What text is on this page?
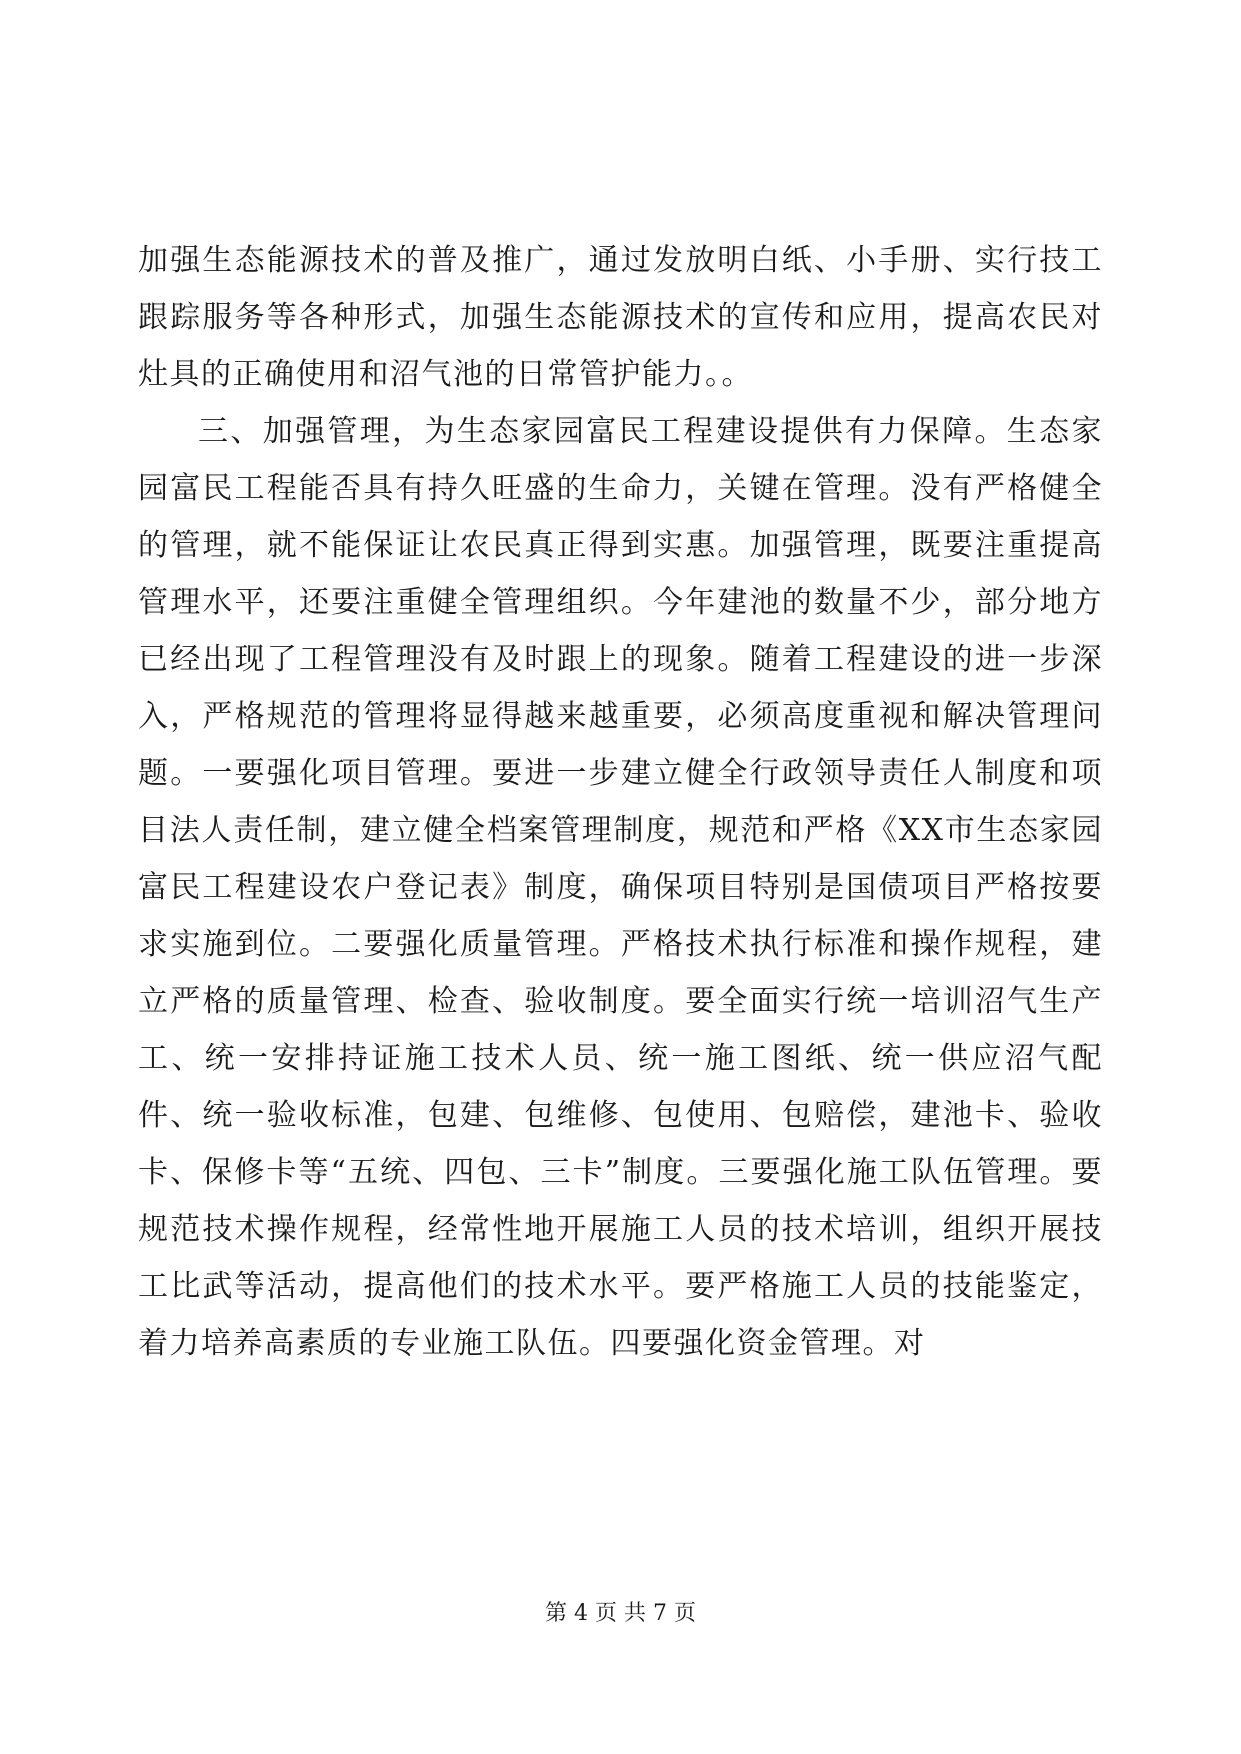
加强生态能源技术的普及推广，通过发放明白纸、小手册、实行技工跟踪服务等各种形式，加强生态能源技术的宣传和应用，提高农民对灶具的正确使用和沼气池的日常管护能力。。

三、加强管理，为生态家园富民工程建设提供有力保障。生态家园富民工程能否具有持久旺盛的生命力，关键在管理。没有严格健全的管理，就不能保证让农民真正得到实惠。加强管理，既要注重提高管理水平，还要注重健全管理组织。今年建池的数量不少，部分地方已经出现了工程管理没有及时跟上的现象。随着工程建设的进一步深入，严格规范的管理将显得越来越重要，必须高度重视和解决管理问题。一要强化项目管理。要进一步建立健全行政领导责任人制度和项目法人责任制，建立健全档案管理制度，规范和严格《XX市生态家园富民工程建设农户登记表》制度，确保项目特别是国债项目严格按要求实施到位。二要强化质量管理。严格技术执行标准和操作规程，建立严格的质量管理、检查、验收制度。要全面实行统一培训沼气生产工、统一安排持证施工技术人员、统一施工图纸、统一供应沼气配件、统一验收标准，包建、包维修、包使用、包赔偿，建池卡、验收卡、保修卡等“五统、四包、三卡”制度。三要强化施工队伍管理。要规范技术操作规程，经常性地开展施工人员的技术培训，组织开展技工比武等活动，提高他们的技术水平。要严格施工人员的技能鉴定，着力培养高素质的专业施工队伍。四要强化资金管理。对

第 4 页 共 7 页
